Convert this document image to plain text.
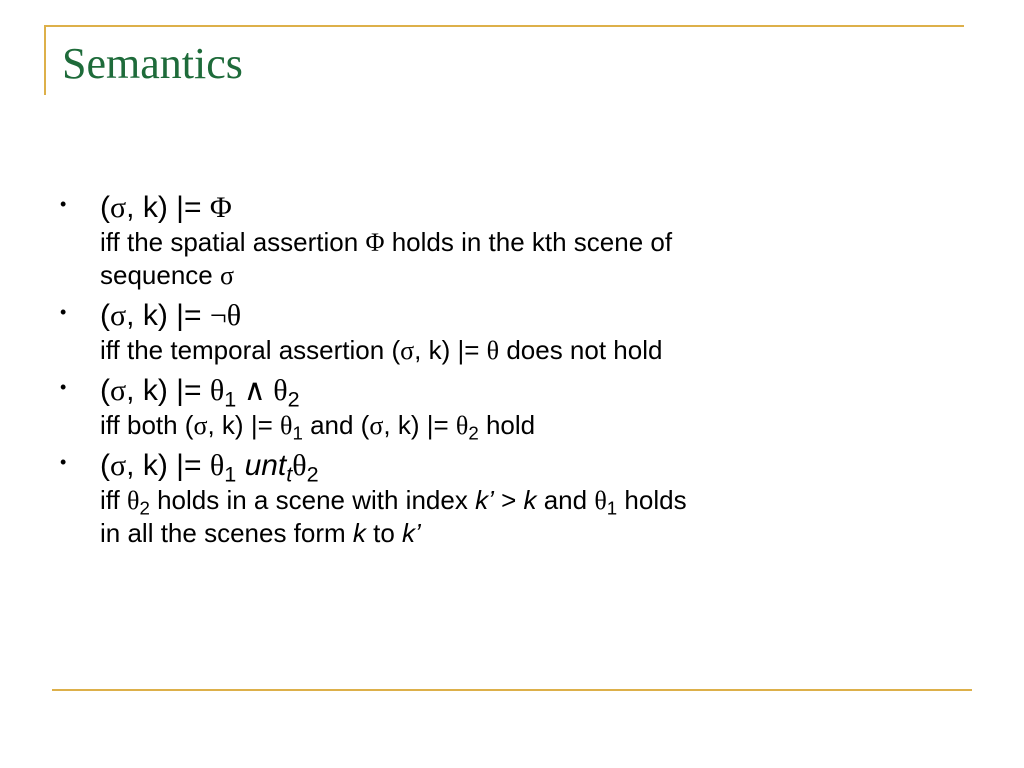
Semantics
• (σ, k) |= Φ
iff the spatial assertion Φ holds in the kth scene of
sequence σ
• (σ, k) |= ¬θ
iff the temporal assertion (σ, k) |= θ does not hold
• (σ, k) |= $\theta_1$ ∧ $\theta_2$
iff both (σ, k) |= $\theta_1$ and (σ, k) |= $\theta_2$ hold
• (σ, k) |= $\theta_1$ $unt_t\theta_2$
iff $\theta_2$ holds in a scene with index k’ > k and $\theta_1$ holds
in all the scenes form k to k’
